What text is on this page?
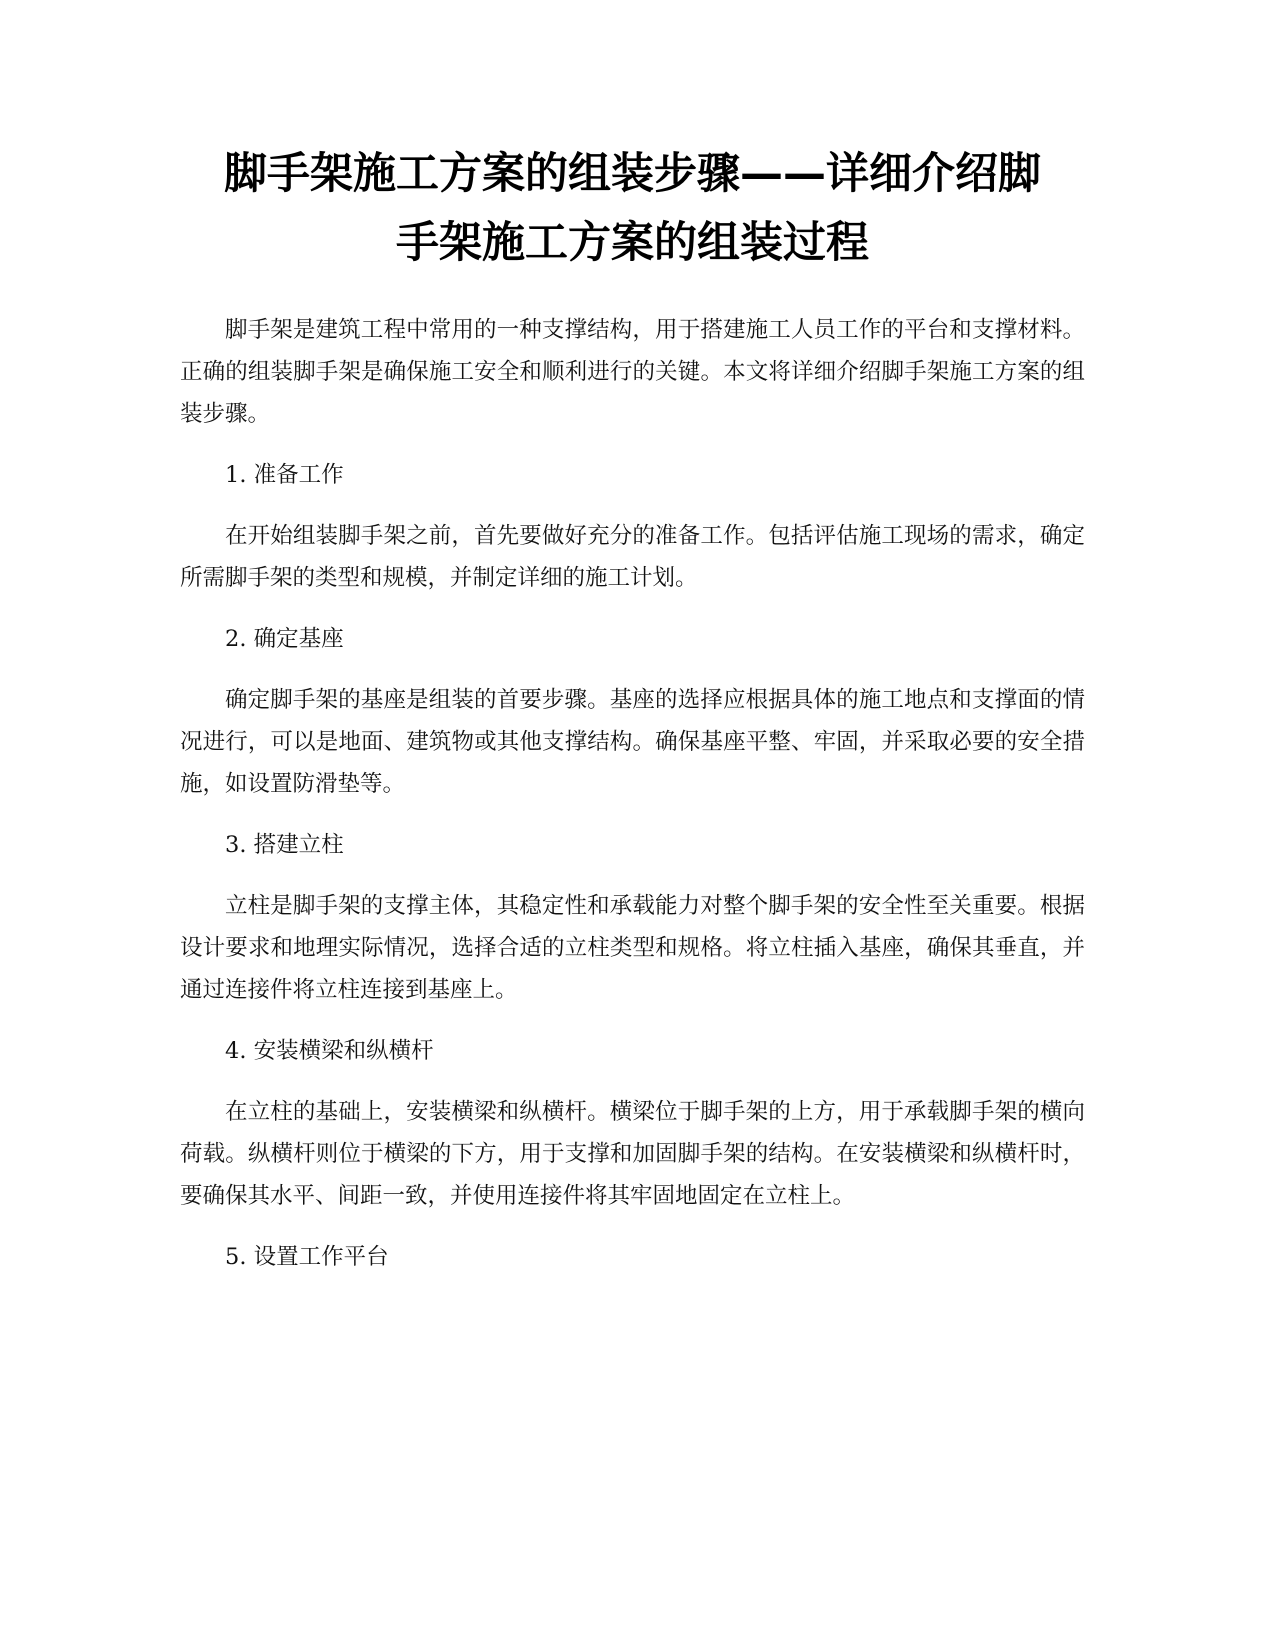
脚手架施工方案的组装步骤——详细介绍脚
手架施工方案的组装过程

脚手架是建筑工程中常用的一种支撑结构，用于搭建施工人员工作的平台和支撑材料。正确的组装脚手架是确保施工安全和顺利进行的关键。本文将详细介绍脚手架施工方案的组装步骤。

1. 准备工作

在开始组装脚手架之前，首先要做好充分的准备工作。包括评估施工现场的需求，确定所需脚手架的类型和规模，并制定详细的施工计划。

2. 确定基座

确定脚手架的基座是组装的首要步骤。基座的选择应根据具体的施工地点和支撑面的情况进行，可以是地面、建筑物或其他支撑结构。确保基座平整、牢固，并采取必要的安全措施，如设置防滑垫等。

3. 搭建立柱

立柱是脚手架的支撑主体，其稳定性和承载能力对整个脚手架的安全性至关重要。根据设计要求和地理实际情况，选择合适的立柱类型和规格。将立柱插入基座，确保其垂直，并通过连接件将立柱连接到基座上。

4. 安装横梁和纵横杆

在立柱的基础上，安装横梁和纵横杆。横梁位于脚手架的上方，用于承载脚手架的横向荷载。纵横杆则位于横梁的下方，用于支撑和加固脚手架的结构。在安装横梁和纵横杆时，要确保其水平、间距一致，并使用连接件将其牢固地固定在立柱上。

5. 设置工作平台
